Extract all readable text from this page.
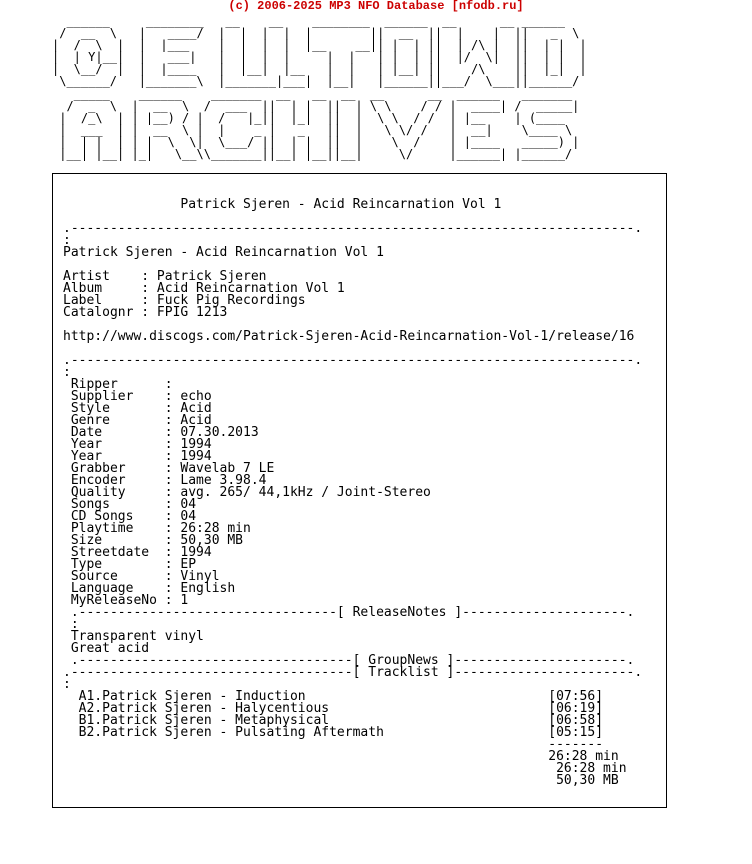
(c) 2006-2025 MP3 NFO Database [nfodb.ru]
______     ________   __    __    ________  ______  __      __ ______
/  __  \   |   ____/  |  |  |  |  |        ||  __  ||  |    |  ||   _  \
|  /  \  |  |  |___    |  |  |  |  |__    __|| |  | ||  | /\ |  ||  | |  |
|  | Y|__|  |   ___|   |  |  |  |     |  |   | |  | ||  |/  \|  ||  | |  |
|  \__/  |  |  |____   |  |__|  |__   |  |   | |__| ||    /\    ||  |_|  |
\______/   |_______\  |_______|___|  |__|   |______||___/  \___||______/
_____    ______    _______  __   __  __  __      __  ______   _______
/  _  \  |  __  \  /  ___  ||  | |  ||  | \ \    / / |  ____| /  _____|
|  /_\  | | |__) / |  /   |_||  |_|  ||  |  \ \  / /  | |__    | (____
|  ___  | |  __  \ |  |    _ |   _   ||  |   \ \/ /   |  __|    \____ \
|  | |  | | |  \  \|  \___/ ||  | |  ||  |    \  /    | |____   _____) |
|__| |__| |_|   \__\\_______||__| |__||__|     \/     |______| |______/

Patrick Sjeren - Acid Reincarnation Vol 1

.------------------------------------------------------------------------.
:
Patrick Sjeren - Acid Reincarnation Vol 1

Artist    : Patrick Sjeren
Album     : Acid Reincarnation Vol 1
Label     : Fuck Pig Recordings
Catalognr : FPIG 1213

http://www.discogs.com/Patrick-Sjeren-Acid-Reincarnation-Vol-1/release/16

.------------------------------------------------------------------------.
:
Ripper      :
Supplier    : echo
Style       : Acid
Genre       : Acid
Date        : 07.30.2013
Year        : 1994
Year        : 1994
Grabber     : Wavelab 7 LE
Encoder     : Lame 3.98.4
Quality     : avg. 265/ 44,1kHz / Joint-Stereo
Songs       : 04
CD Songs    : 04
Playtime    : 26:28 min
Size        : 50,30 MB
Streetdate  : 1994
Type        : EP
Source      : Vinyl
Language    : English
MyReleaseNo : 1
.---------------------------------[ ReleaseNotes ]---------------------.
:
Transparent vinyl
Great acid
.-----------------------------------[ GroupNews ]----------------------.
.------------------------------------[ Tracklist ]-----------------------.
:
A1.Patrick Sjeren - Induction                               [07:56]
A2.Patrick Sjeren - Halycentious                            [06:19]
B1.Patrick Sjeren - Metaphysical                            [06:58]
B2.Patrick Sjeren - Pulsating Aftermath                     [05:15]
-------
26:28 min
26:28 min
50,30 MB
